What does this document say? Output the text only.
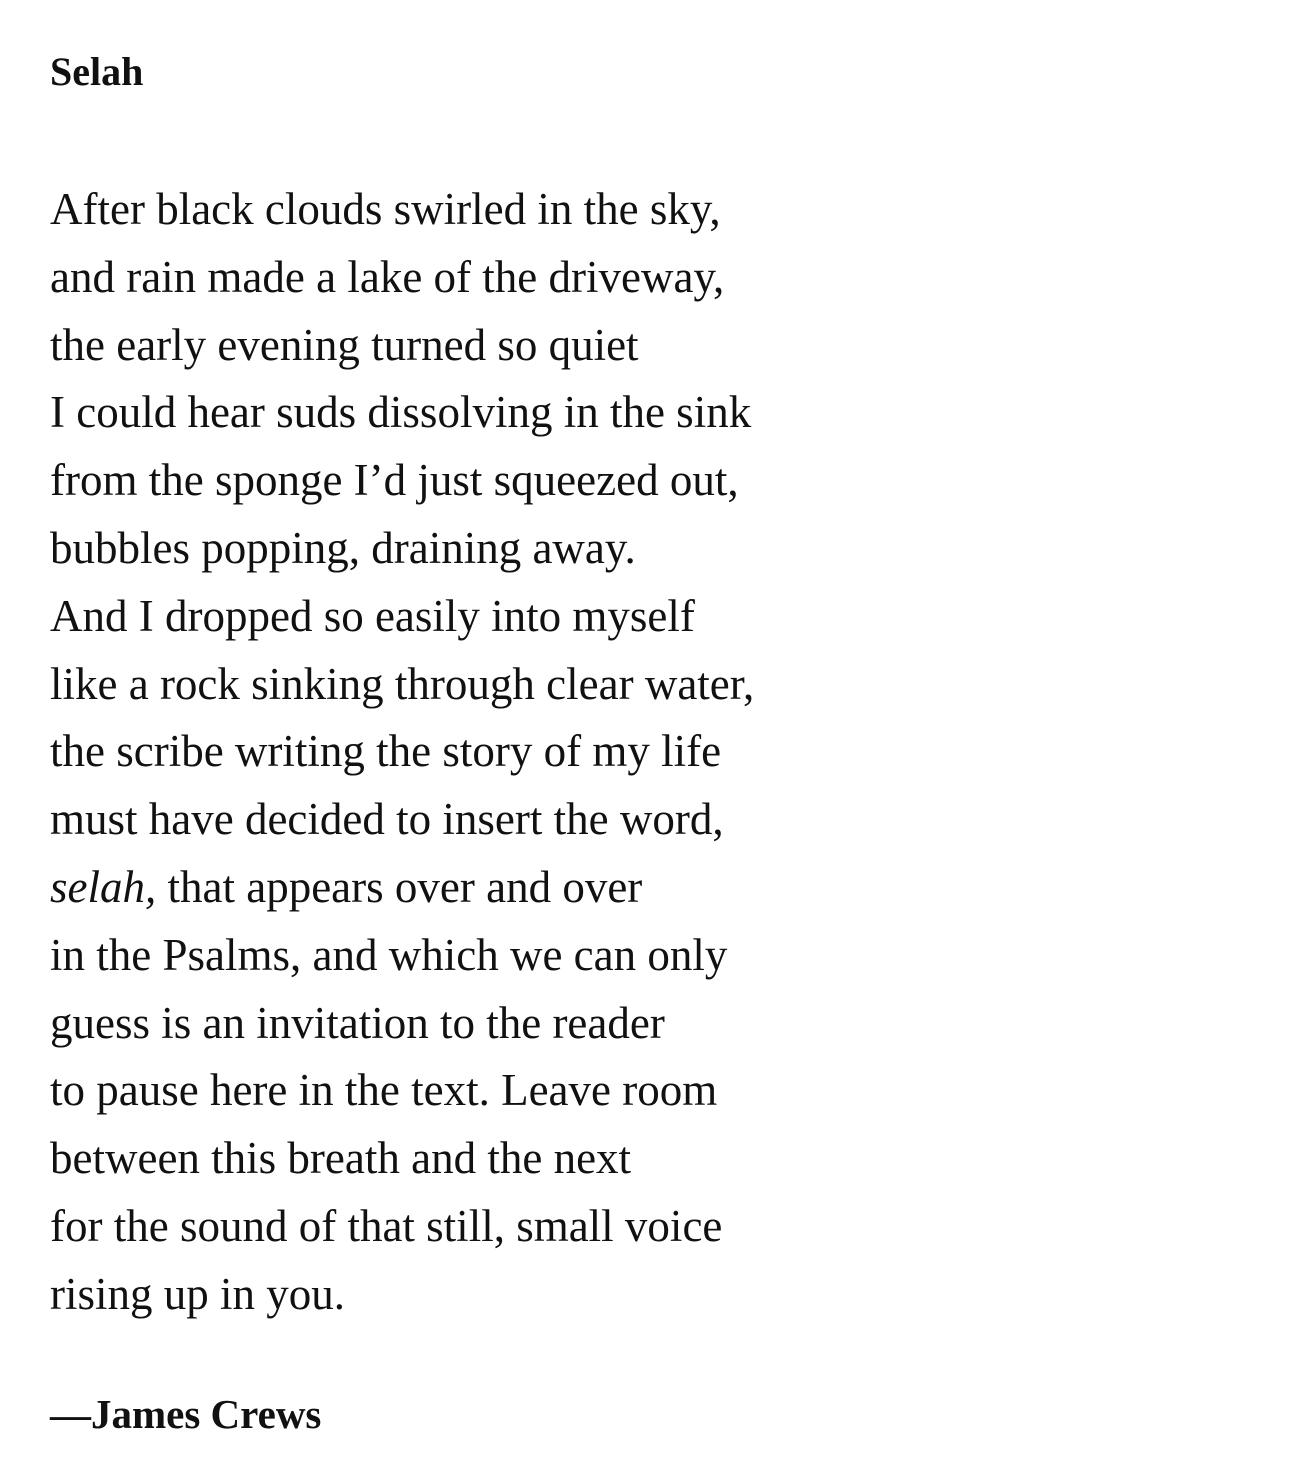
Selah
After black clouds swirled in the sky,
and rain made a lake of the driveway,
the early evening turned so quiet
I could hear suds dissolving in the sink
from the sponge I’d just squeezed out,
bubbles popping, draining away.
And I dropped so easily into myself
like a rock sinking through clear water,
the scribe writing the story of my life
must have decided to insert the word,
selah, that appears over and over
in the Psalms, and which we can only
guess is an invitation to the reader
to pause here in the text. Leave room
between this breath and the next
for the sound of that still, small voice
rising up in you.
—James Crews
